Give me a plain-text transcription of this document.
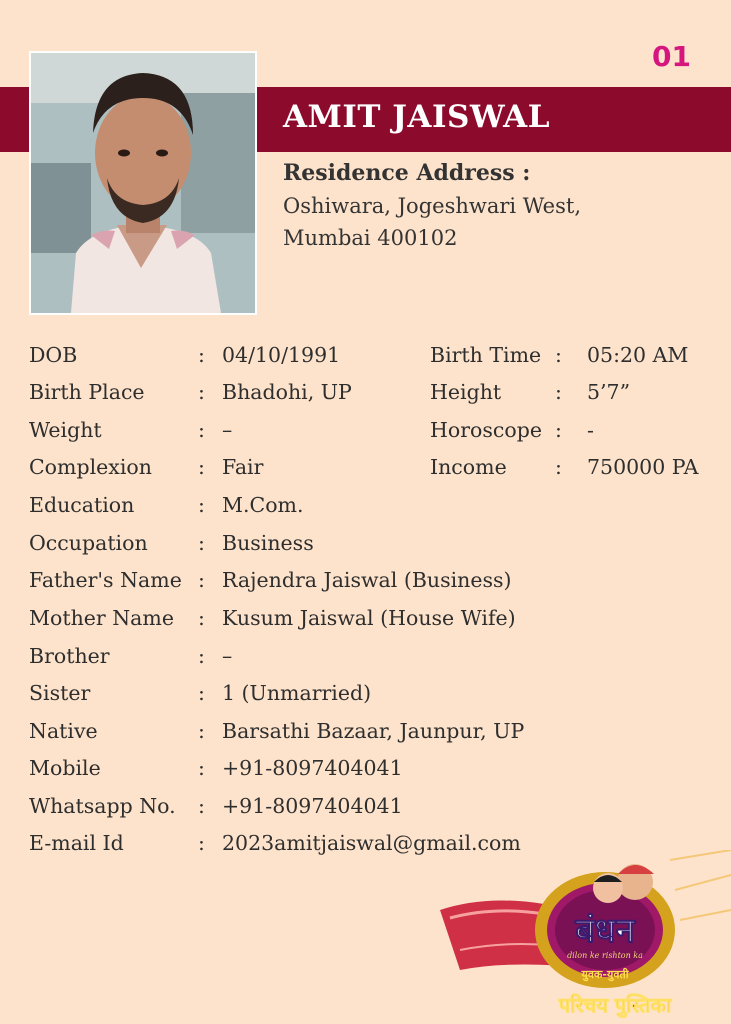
01
AMIT JAISWAL
Residence Address :
Oshiwara, Jogeshwari West,
Mumbai 400102
DOB	: 04/10/1991
Birth Place	: Bhadohi, UP
Weight	: –
Complexion : Fair
Education	: M.Com.
Occupation : Business
Father's Name : Rajendra Jaiswal (Business)
Mother Name : Kusum Jaiswal (House Wife)
Brother	: –
Sister	: 1 (Unmarried)
Native	: Barsathi Bazaar, Jaunpur, UP
Mobile	: +91-8097404041
Whatsapp No. : +91-8097404041
E-mail Id	: 2023amitjaiswal@gmail.com
Birth Time : 05:20 AM
Height	: 5’7”
Horoscope : -
Income : 750000 PA
बंधन
dilon ke rishton ka
युवक-युवती
परिचय पुस्तिका
